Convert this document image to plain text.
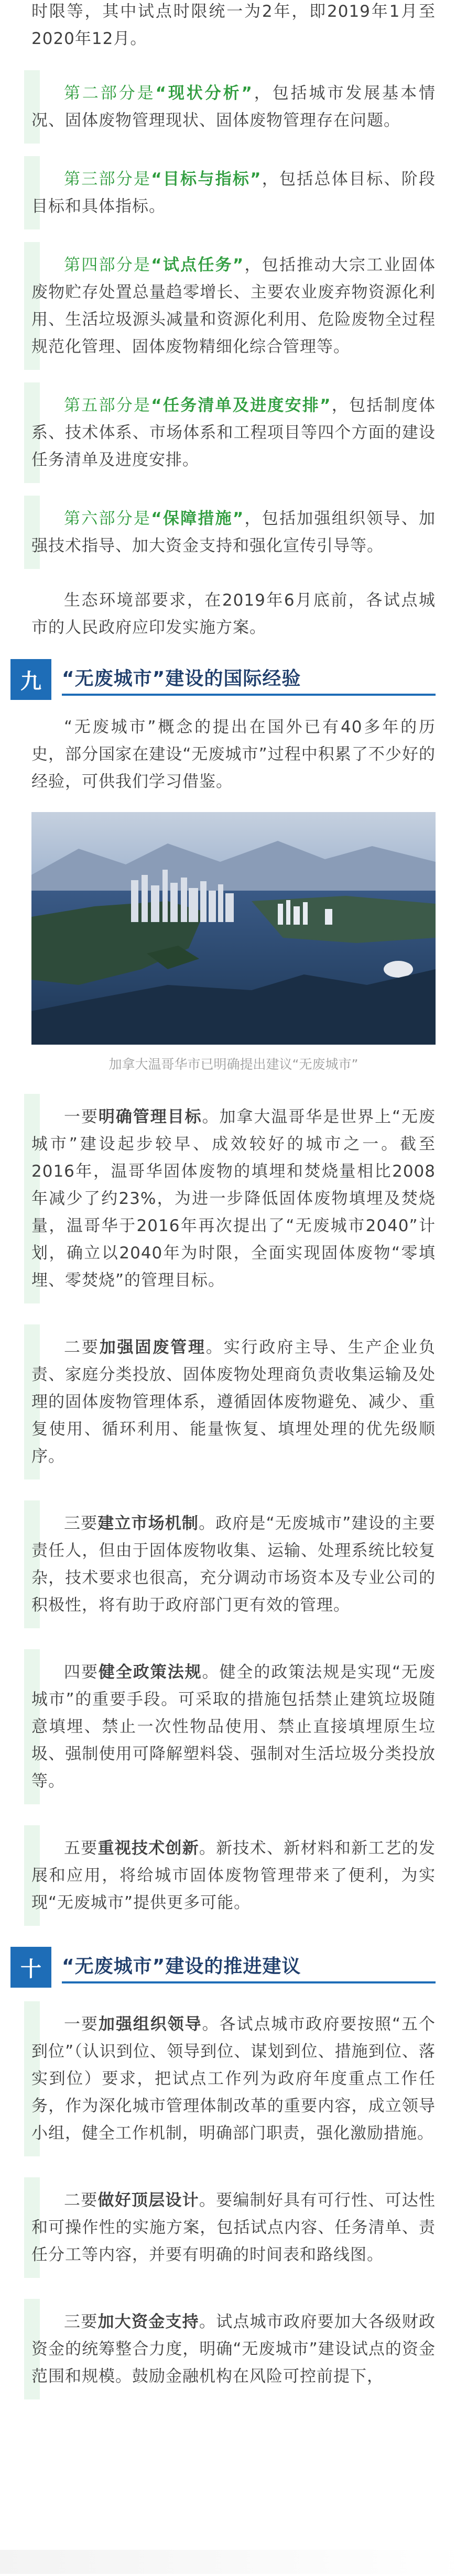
时限等，其中试点时限统一为2年，即2019年1月至2020年12月。

第二部分是“现状分析”，包括城市发展基本情况、固体废物管理现状、固体废物管理存在问题。

第三部分是“目标与指标”，包括总体目标、阶段目标和具体指标。

第四部分是“试点任务”，包括推动大宗工业固体废物贮存处置总量趋零增长、主要农业废弃物资源化利用、生活垃圾源头减量和资源化利用、危险废物全过程规范化管理、固体废物精细化综合管理等。

第五部分是“任务清单及进度安排”，包括制度体系、技术体系、市场体系和工程项目等四个方面的建设任务清单及进度安排。

第六部分是“保障措施”，包括加强组织领导、加强技术指导、加大资金支持和强化宣传引导等。

生态环境部要求，在2019年6月底前，各试点城市的人民政府应印发实施方案。

九	“无废城市”建设的国际经验

“无废城市”概念的提出在国外已有40多年的历史，部分国家在建设“无废城市”过程中积累了不少好的经验，可供我们学习借鉴。

加拿大温哥华市已明确提出建议“无废城市”

一要明确管理目标。加拿大温哥华是世界上“无废城市”建设起步较早、成效较好的城市之一。截至2016年，温哥华固体废物的填埋和焚烧量相比2008年减少了约23%，为进一步降低固体废物填埋及焚烧量，温哥华于2016年再次提出了“无废城市2040”计划，确立以2040年为时限，全面实现固体废物“零填埋、零焚烧”的管理目标。

二要加强固废管理。实行政府主导、生产企业负责、家庭分类投放、固体废物处理商负责收集运输及处理的固体废物管理体系，遵循固体废物避免、减少、重复使用、循环利用、能量恢复、填埋处理的优先级顺序。

三要建立市场机制。政府是“无废城市”建设的主要责任人，但由于固体废物收集、运输、处理系统比较复杂，技术要求也很高，充分调动市场资本及专业公司的积极性，将有助于政府部门更有效的管理。

四要健全政策法规。健全的政策法规是实现“无废城市”的重要手段。可采取的措施包括禁止建筑垃圾随意填埋、禁止一次性物品使用、禁止直接填埋原生垃圾、强制使用可降解塑料袋、强制对生活垃圾分类投放等。

五要重视技术创新。新技术、新材料和新工艺的发展和应用，将给城市固体废物管理带来了便利，为实现“无废城市”提供更多可能。

十	“无废城市”建设的推进建议

一要加强组织领导。各试点城市政府要按照“五个到位”（认识到位、领导到位、谋划到位、措施到位、落实到位）要求，把试点工作列为政府年度重点工作任务，作为深化城市管理体制改革的重要内容，成立领导小组，健全工作机制，明确部门职责，强化激励措施。

二要做好顶层设计。要编制好具有可行性、可达性和可操作性的实施方案，包括试点内容、任务清单、责任分工等内容，并要有明确的时间表和路线图。

三要加大资金支持。试点城市政府要加大各级财政资金的统筹整合力度，明确“无废城市”建设试点的资金范围和规模。鼓励金融机构在风险可控前提下，
